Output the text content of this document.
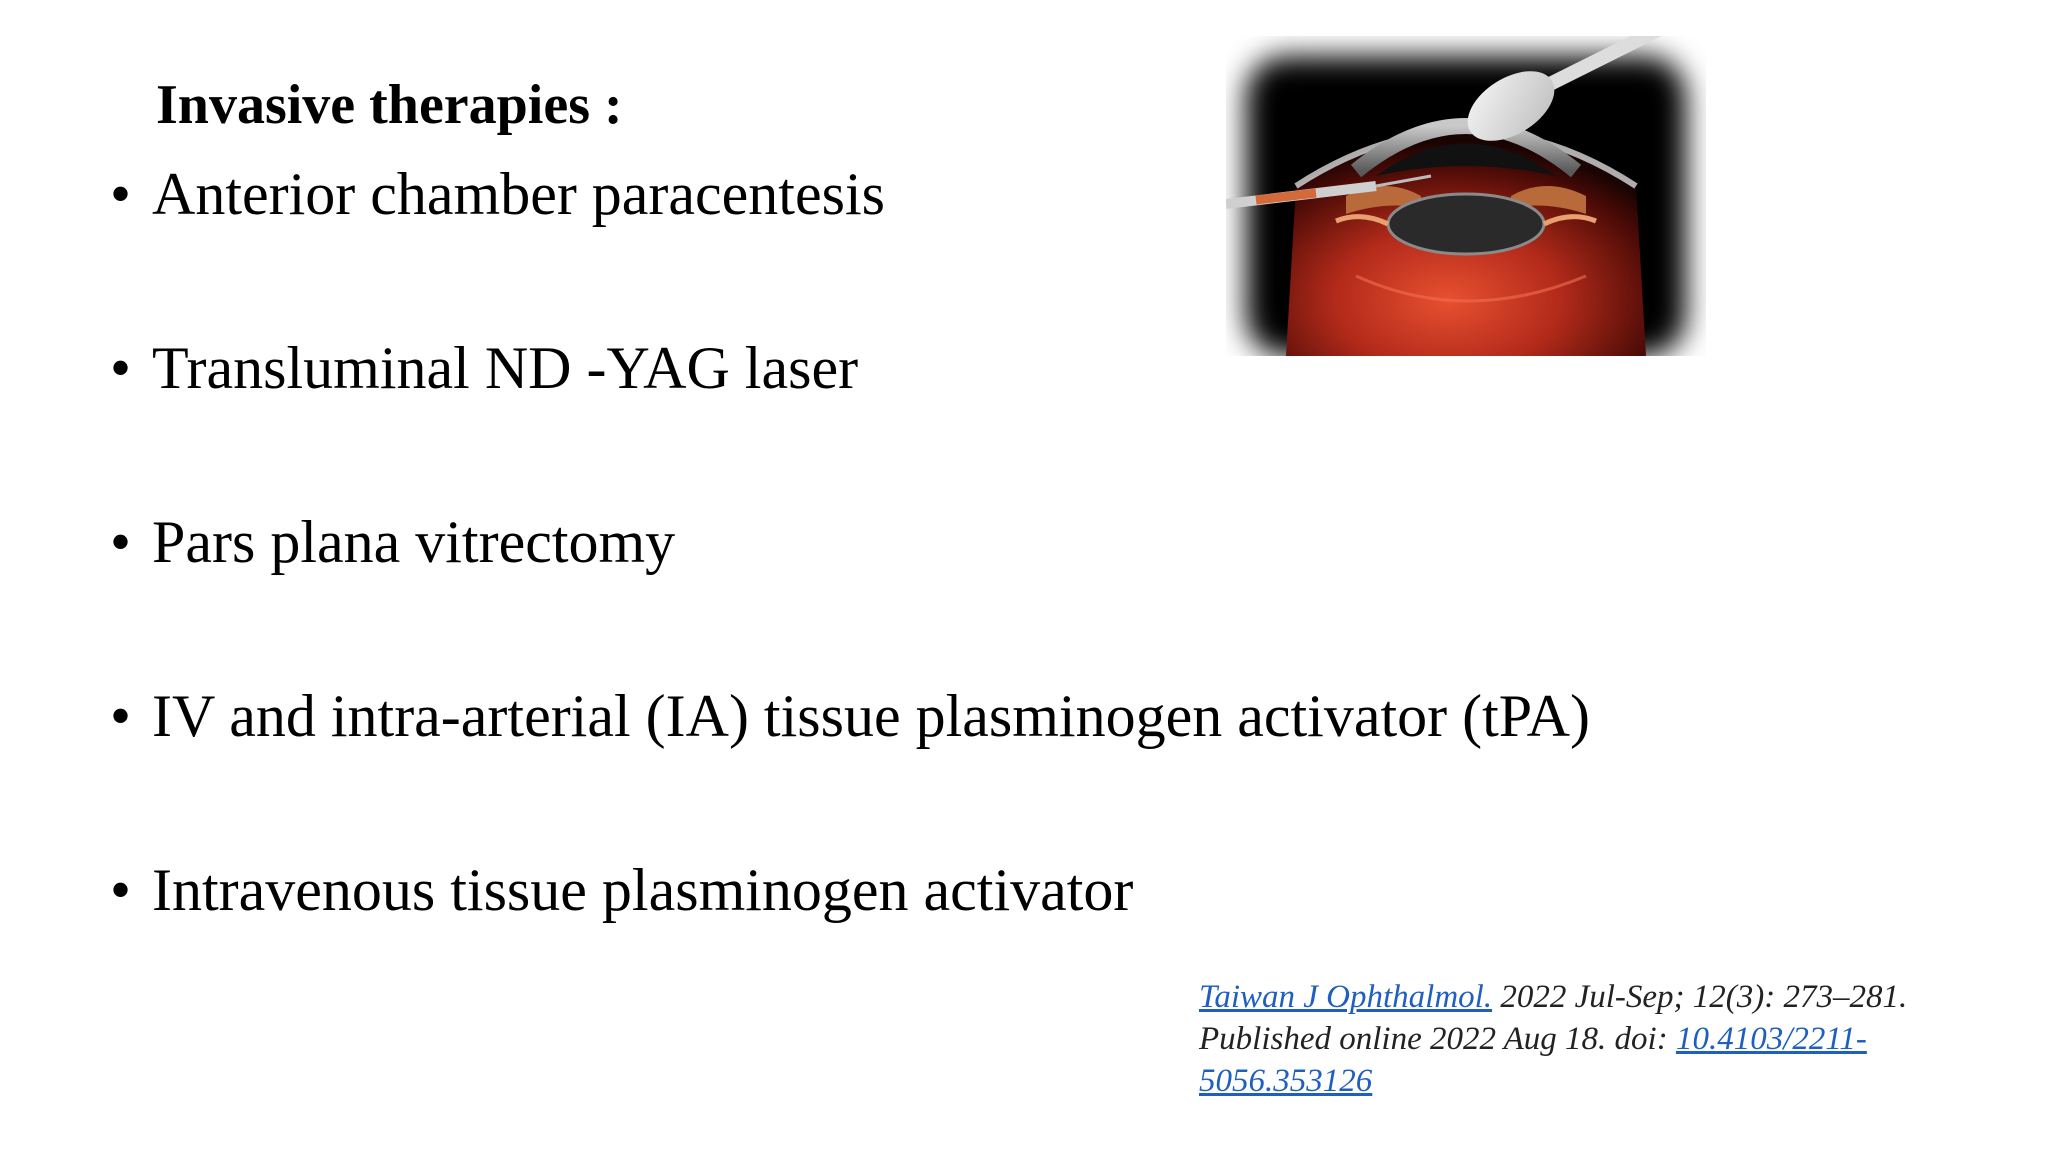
Invasive therapies :
• Anterior chamber paracentesis
• Transluminal ND -YAG laser
• Pars plana vitrectomy
• IV and intra-arterial (IA) tissue plasminogen activator (tPA)
• Intravenous tissue plasminogen activator
Taiwan J Ophthalmol. 2022 Jul-Sep; 12(3): 273–281.
Published online 2022 Aug 18. doi: 10.4103/2211-5056.353126
